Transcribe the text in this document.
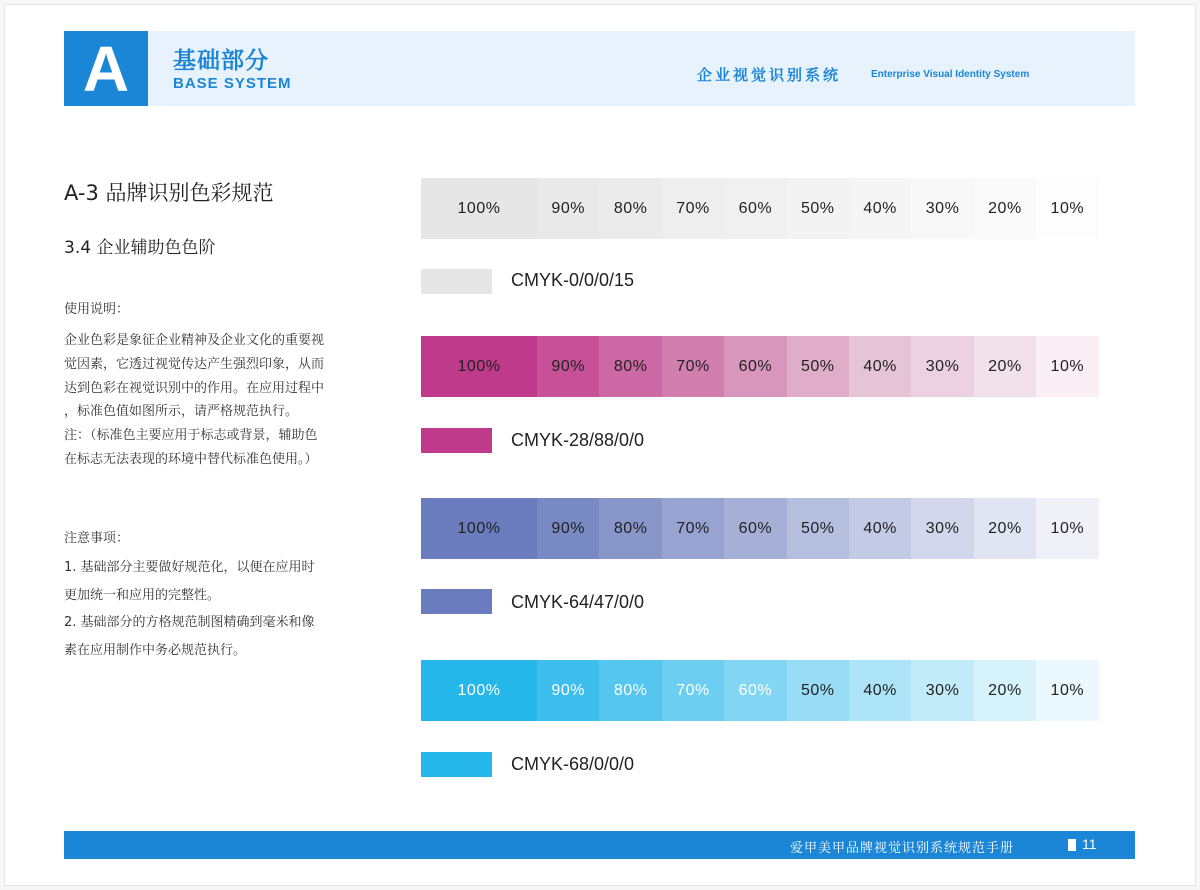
A	基础部分
BASE SYSTEM	企业视觉识别系统	Enterprise Visual Identity System
A-3 品牌识别色彩规范
3.4 企业辅助色色阶
使用说明：

企业色彩是象征企业精神及企业文化的重要视

觉因素，它透过视觉传达产生强烈印象，从而

达到色彩在视觉识别中的作用。在应用过程中

，标准色值如图所示，请严格规范执行。

注：（标准色主要应用于标志或背景，辅助色

在标志无法表现的环境中替代标准色使用。）

注意事项：

1. 基础部分主要做好规范化，以便在应用时

更加统一和应用的完整性。

2. 基础部分的方格规范制图精确到毫米和像

素在应用制作中务必规范执行。

100%	90%	80%	70%	60%	50%	40%	30%	20%	10%
CMYK-0/0/0/15
100%	90%	80%	70%	60%	50%	40%	30%	20%	10%
CMYK-28/88/0/0
100%	90%	80%	70%	60%	50%	40%	30%	20%	10%
CMYK-64/47/0/0
100%	90%	80%	70%	60%	50%	40%	30%	20%	10%
CMYK-68/0/0/0
爱甲美甲品牌视觉识别系统规范手册	11
